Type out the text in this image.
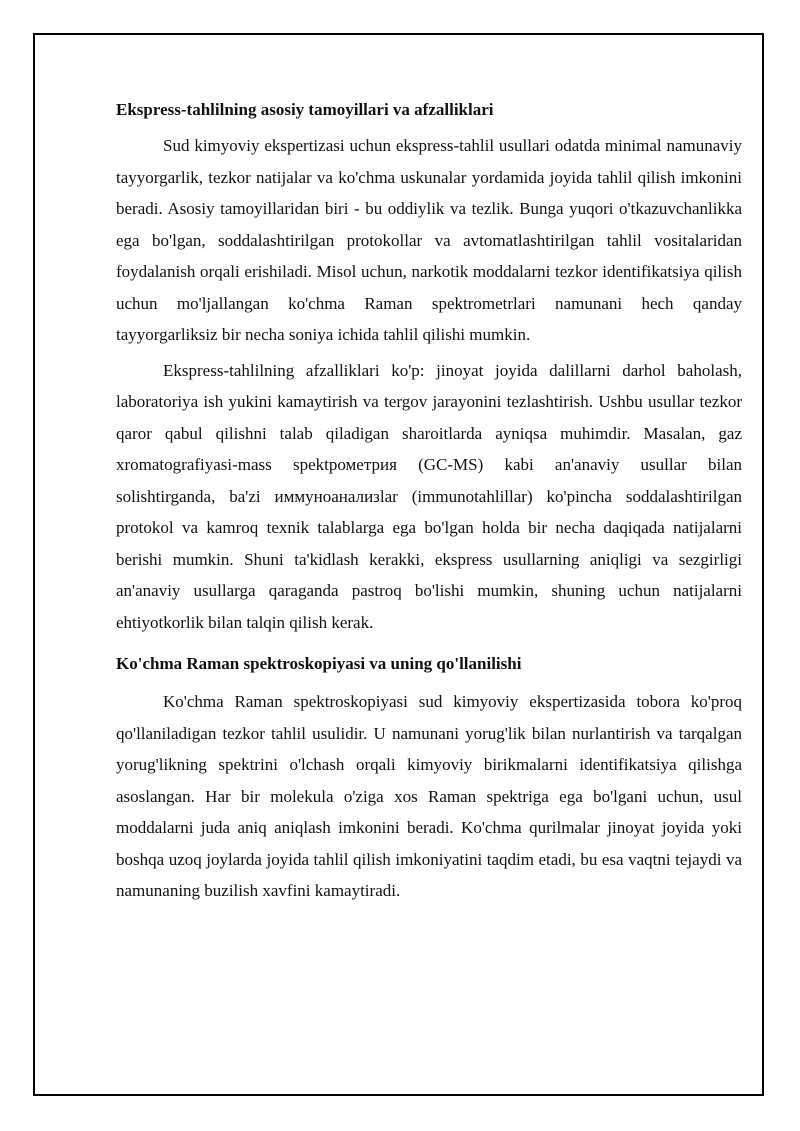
Ekspress-tahlilning asosiy tamoyillari va afzalliklari

Sud kimyoviy ekspertizasi uchun ekspress-tahlil usullari odatda minimal namunaviy tayyorgarlik, tezkor natijalar va ko'chma uskunalar yordamida joyida tahlil qilish imkonini beradi. Asosiy tamoyillaridan biri - bu oddiylik va tezlik. Bunga yuqori o'tkazuvchanlikka ega bo'lgan, soddalashtirilgan protokollar va avtomatlashtirilgan tahlil vositalaridan foydalanish orqali erishiladi. Misol uchun, narkotik moddalarni tezkor identifikatsiya qilish uchun mo'ljallangan ko'chma Raman spektrometrlari namunani hech qanday tayyorgarliksiz bir necha soniya ichida tahlil qilishi mumkin.

Ekspress-tahlilning afzalliklari ko'p: jinoyat joyida dalillarni darhol baholash, laboratoriya ish yukini kamaytirish va tergov jarayonini tezlashtirish. Ushbu usullar tezkor qaror qabul qilishni talab qiladigan sharoitlarda ayniqsa muhimdir. Masalan, gaz xromatografiyasi-mass spektрометрия (GC-MS) kabi an'anaviy usullar bilan solishtirganda, ba'zi иммуноанализlar (immunotahlillar) ko'pincha soddalashtirilgan protokol va kamroq texnik talablarga ega bo'lgan holda bir necha daqiqada natijalarni berishi mumkin. Shuni ta'kidlash kerakki, ekspress usullarning aniqligi va sezgirligi an'anaviy usullarga qaraganda pastroq bo'lishi mumkin, shuning uchun natijalarni ehtiyotkorlik bilan talqin qilish kerak.

Ko'chma Raman spektroskopiyasi va uning qo'llanilishi

Ko'chma Raman spektroskopiyasi sud kimyoviy ekspertizasida tobora ko'proq qo'llaniladigan tezkor tahlil usulidir. U namunani yorug'lik bilan nurlantirish va tarqalgan yorug'likning spektrini o'lchash orqali kimyoviy birikmalarni identifikatsiya qilishga asoslangan. Har bir molekula o'ziga xos Raman spektriga ega bo'lgani uchun, usul moddalarni juda aniq aniqlash imkonini beradi. Ko'chma qurilmalar jinoyat joyida yoki boshqa uzoq joylarda joyida tahlil qilish imkoniyatini taqdim etadi, bu esa vaqtni tejaydi va namunaning buzilish xavfini kamaytiradi.
